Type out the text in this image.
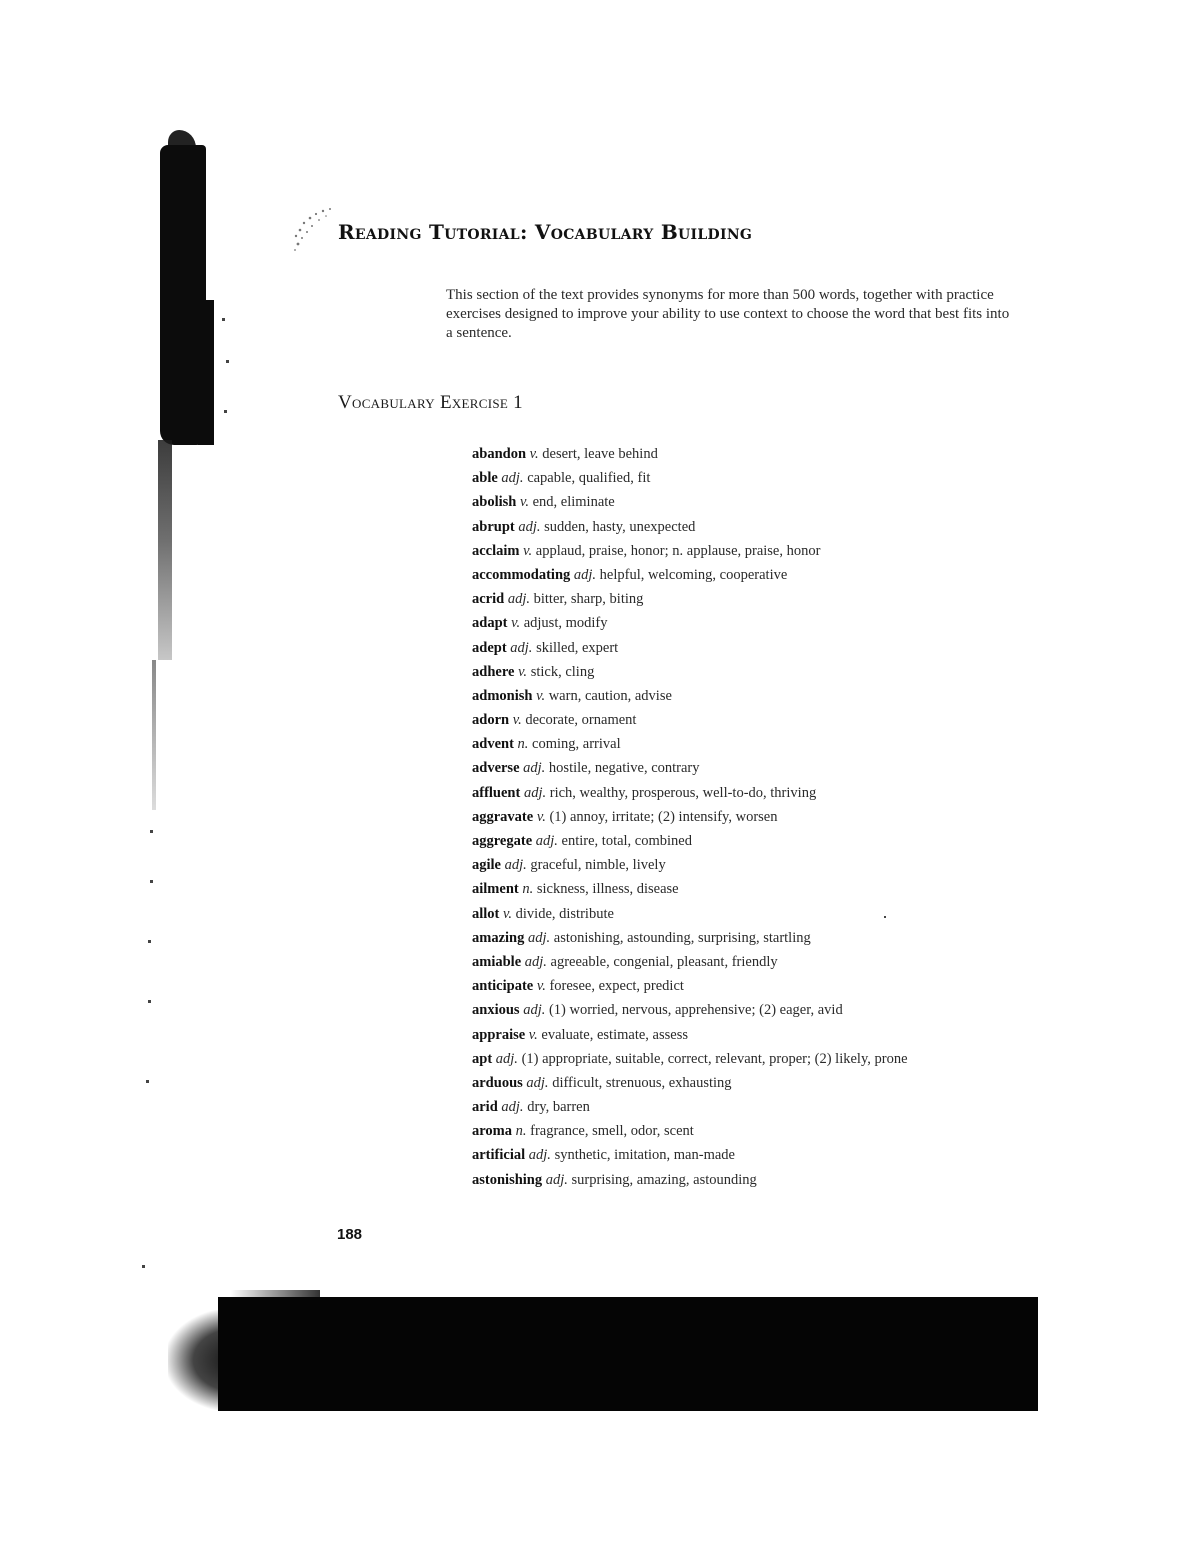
Reading Tutorial: Vocabulary Building

This section of the text provides synonyms for more than 500 words, together with practice exercises designed to improve your ability to use context to choose the word that best fits into a sentence.

Vocabulary Exercise 1
abandon v. desert, leave behind
able adj. capable, qualified, fit
abolish v. end, eliminate
abrupt adj. sudden, hasty, unexpected
acclaim v. applaud, praise, honor; n. applause, praise, honor
accommodating adj. helpful, welcoming, cooperative
acrid adj. bitter, sharp, biting
adapt v. adjust, modify
adept adj. skilled, expert
adhere v. stick, cling
admonish v. warn, caution, advise
adorn v. decorate, ornament
advent n. coming, arrival
adverse adj. hostile, negative, contrary
affluent adj. rich, wealthy, prosperous, well-to-do, thriving
aggravate v. (1) annoy, irritate; (2) intensify, worsen
aggregate adj. entire, total, combined
agile adj. graceful, nimble, lively
ailment n. sickness, illness, disease
allot v. divide, distribute
amazing adj. astonishing, astounding, surprising, startling
amiable adj. agreeable, congenial, pleasant, friendly
anticipate v. foresee, expect, predict
anxious adj. (1) worried, nervous, apprehensive; (2) eager, avid
appraise v. evaluate, estimate, assess
apt adj. (1) appropriate, suitable, correct, relevant, proper; (2) likely, prone
arduous adj. difficult, strenuous, exhausting
arid adj. dry, barren
aroma n. fragrance, smell, odor, scent
artificial adj. synthetic, imitation, man-made
astonishing adj. surprising, amazing, astounding
188
